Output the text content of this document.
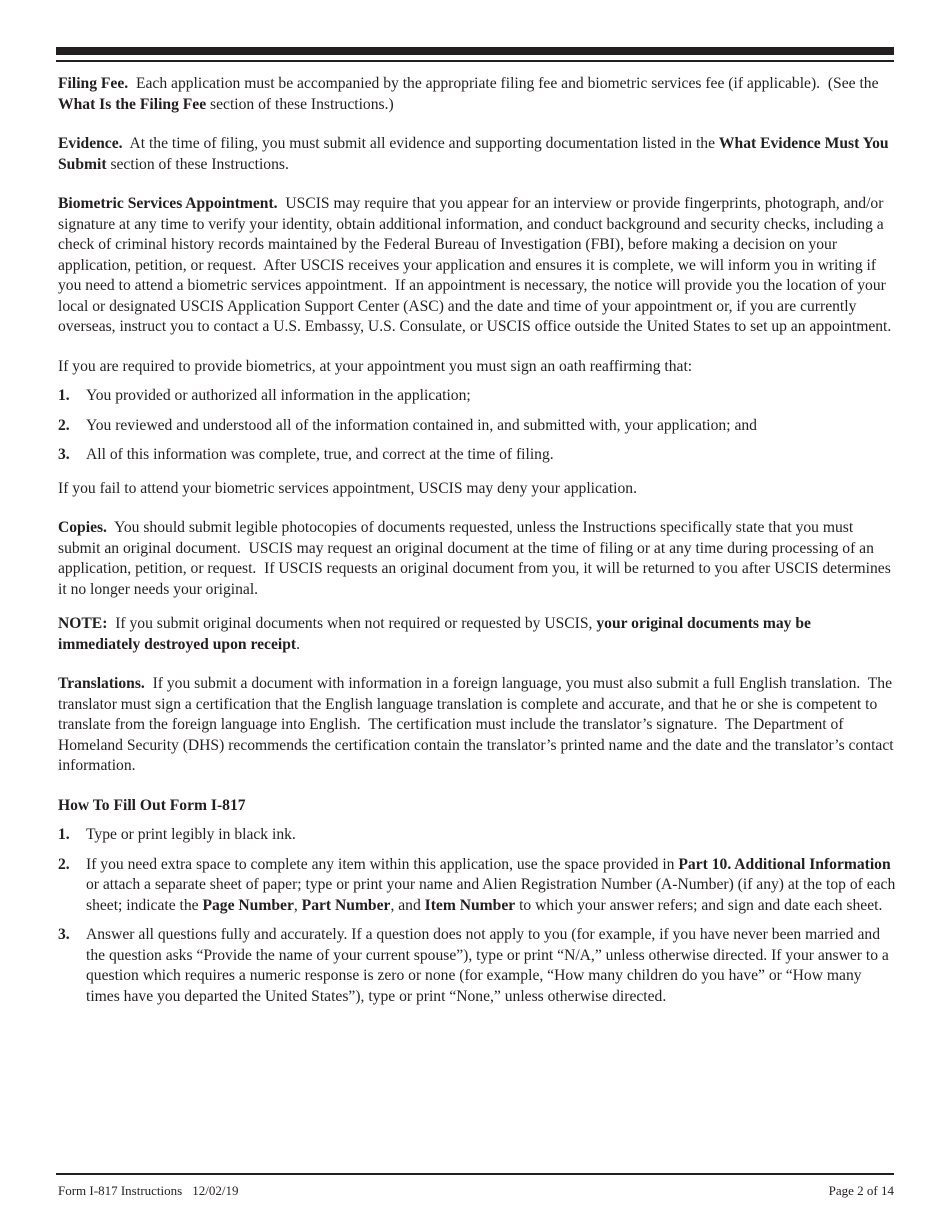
Filing Fee.  Each application must be accompanied by the appropriate filing fee and biometric services fee (if applicable).  (See the What Is the Filing Fee section of these Instructions.)

Evidence.  At the time of filing, you must submit all evidence and supporting documentation listed in the What Evidence Must You Submit section of these Instructions.

Biometric Services Appointment.  USCIS may require that you appear for an interview or provide fingerprints, photograph, and/or signature at any time to verify your identity, obtain additional information, and conduct background and security checks, including a check of criminal history records maintained by the Federal Bureau of Investigation (FBI), before making a decision on your application, petition, or request.  After USCIS receives your application and ensures it is complete, we will inform you in writing if you need to attend a biometric services appointment.  If an appointment is necessary, the notice will provide you the location of your local or designated USCIS Application Support Center (ASC) and the date and time of your appointment or, if you are currently overseas, instruct you to contact a U.S. Embassy, U.S. Consulate, or USCIS office outside the United States to set up an appointment.

If you are required to provide biometrics, at your appointment you must sign an oath reaffirming that:

1.	You provided or authorized all information in the application;
2.	You reviewed and understood all of the information contained in, and submitted with, your application; and
3.	All of this information was complete, true, and correct at the time of filing.

If you fail to attend your biometric services appointment, USCIS may deny your application.

Copies.  You should submit legible photocopies of documents requested, unless the Instructions specifically state that you must submit an original document.  USCIS may request an original document at the time of filing or at any time during processing of an application, petition, or request.  If USCIS requests an original document from you, it will be returned to you after USCIS determines it no longer needs your original.

NOTE:  If you submit original documents when not required or requested by USCIS, your original documents may be immediately destroyed upon receipt.

Translations.  If you submit a document with information in a foreign language, you must also submit a full English translation.  The translator must sign a certification that the English language translation is complete and accurate, and that he or she is competent to translate from the foreign language into English.  The certification must include the translator’s signature.  The Department of Homeland Security (DHS) recommends the certification contain the translator’s printed name and the date and the translator’s contact information.

How To Fill Out Form I-817

1.	Type or print legibly in black ink.
2.	If you need extra space to complete any item within this application, use the space provided in Part 10. Additional Information or attach a separate sheet of paper; type or print your name and Alien Registration Number (A-Number) (if any) at the top of each sheet; indicate the Page Number, Part Number, and Item Number to which your answer refers; and sign and date each sheet.
3.	Answer all questions fully and accurately. If a question does not apply to you (for example, if you have never been married and the question asks “Provide the name of your current spouse”), type or print “N/A,” unless otherwise directed. If your answer to a question which requires a numeric response is zero or none (for example, “How many children do you have” or “How many times have you departed the United States”), type or print “None,” unless otherwise directed.
Form I-817 Instructions 12/02/19	Page 2 of 14
